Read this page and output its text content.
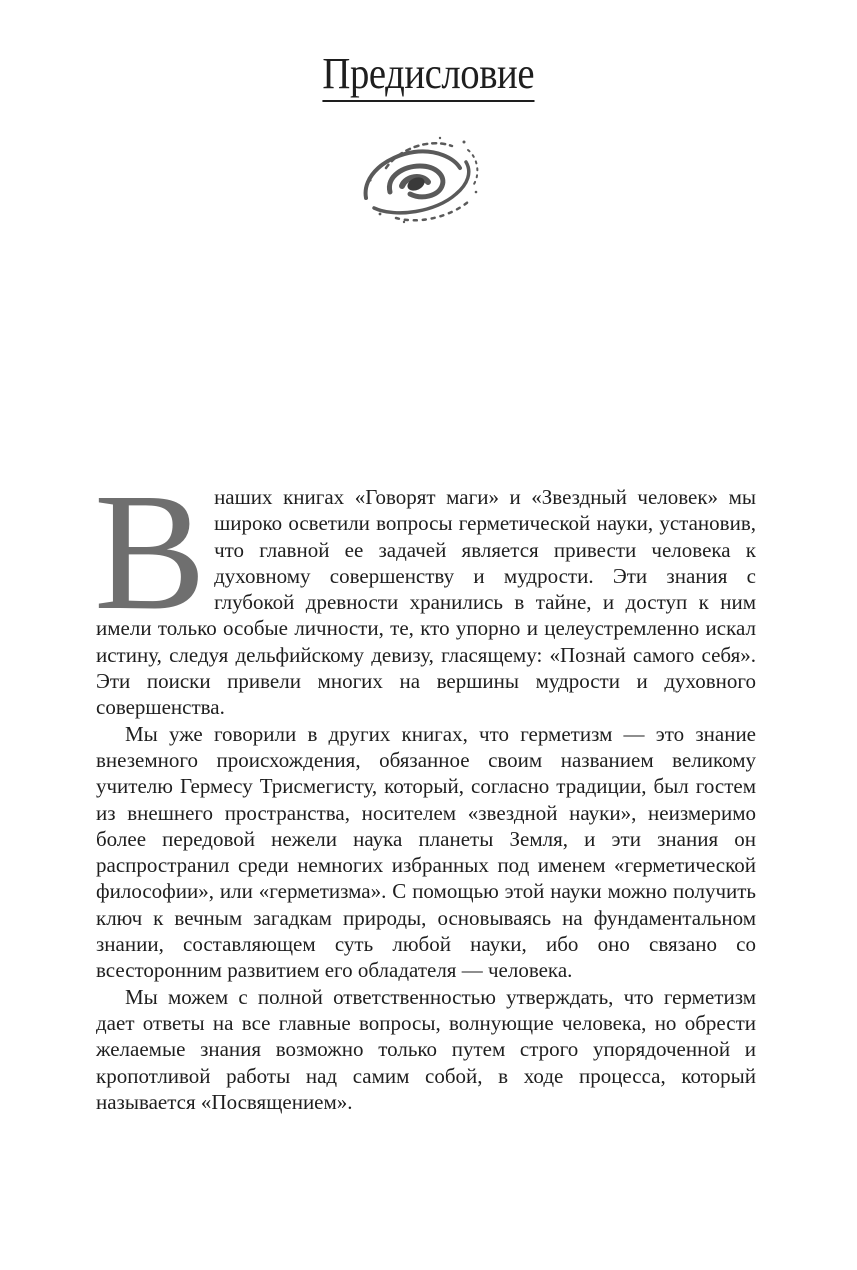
Предисловие

Внаших книгах «Говорят маги» и «Звездный человек» мы широко осветили вопросы герметической науки, установив, что главной ее задачей является привести человека к духовному совершенству и мудрости. Эти знания с глубокой древности хранились в тайне, и доступ к ним имели только особые личности, те, кто упорно и целеустремленно искал истину, следуя дельфийскому девизу, гласящему: «Познай самого себя». Эти поиски привели многих на вершины мудрости и духовного совершенства.

Мы уже говорили в других книгах, что герметизм — это знание внеземного происхождения, обязанное своим названием великому учителю Гермесу Трисмегисту, который, согласно традиции, был гостем из внешнего пространства, носителем «звездной науки», неизмеримо более передовой нежели наука планеты Земля, и эти знания он распространил среди немногих избранных под именем «герметической философии», или «герметизма». С помощью этой науки можно получить ключ к вечным загадкам природы, основываясь на фундаментальном знании, составляющем суть любой науки, ибо оно связано со всесторонним развитием его обладателя — человека.

Мы можем с полной ответственностью утверждать, что герметизм дает ответы на все главные вопросы, волнующие человека, но обрести желаемые знания возможно только путем строго упорядоченной и кропотливой работы над самим собой, в ходе процесса, который называется «Посвящением».
